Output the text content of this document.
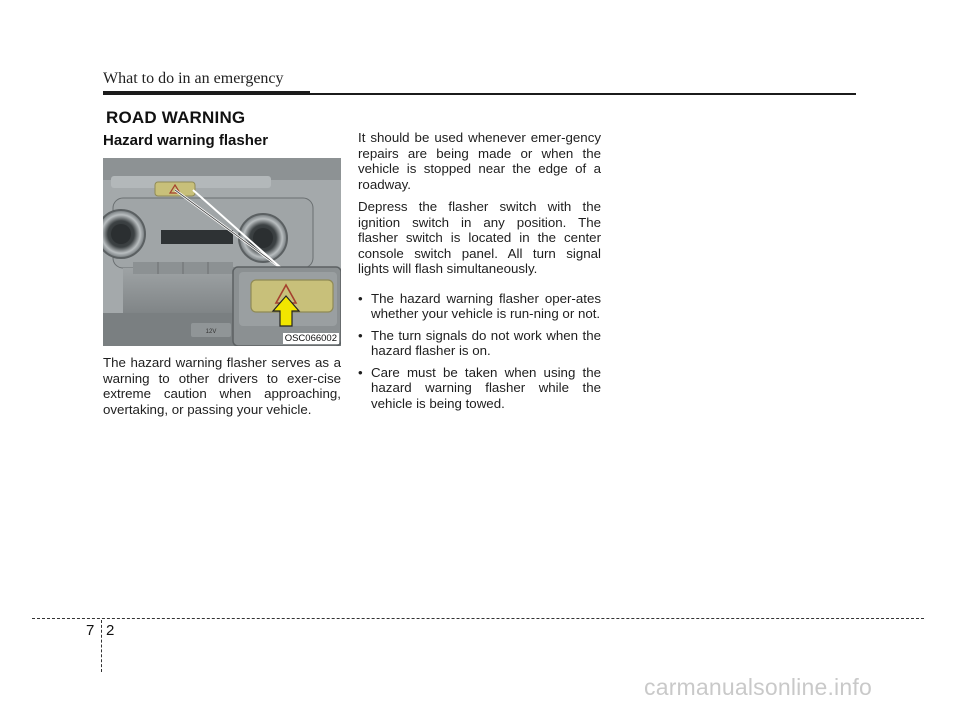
What to do in an emergency
ROAD WARNING
Hazard warning flasher
12V
OSC066002
The hazard warning flasher serves as a warning to other drivers to exer-cise extreme caution when approaching, overtaking, or passing your vehicle.

It should be used whenever emer-gency repairs are being made or when the vehicle is stopped near the edge of a roadway.

Depress the flasher switch with the ignition switch in any position. The flasher switch is located in the center console switch panel. All turn signal lights will flash simultaneously.

• The hazard warning flasher oper-ates whether your vehicle is run-ning or not.
• The turn signals do not work when the hazard flasher is on.
• Care must be taken when using the hazard warning flasher while the vehicle is being towed.
7 2
carmanualsonline.info
